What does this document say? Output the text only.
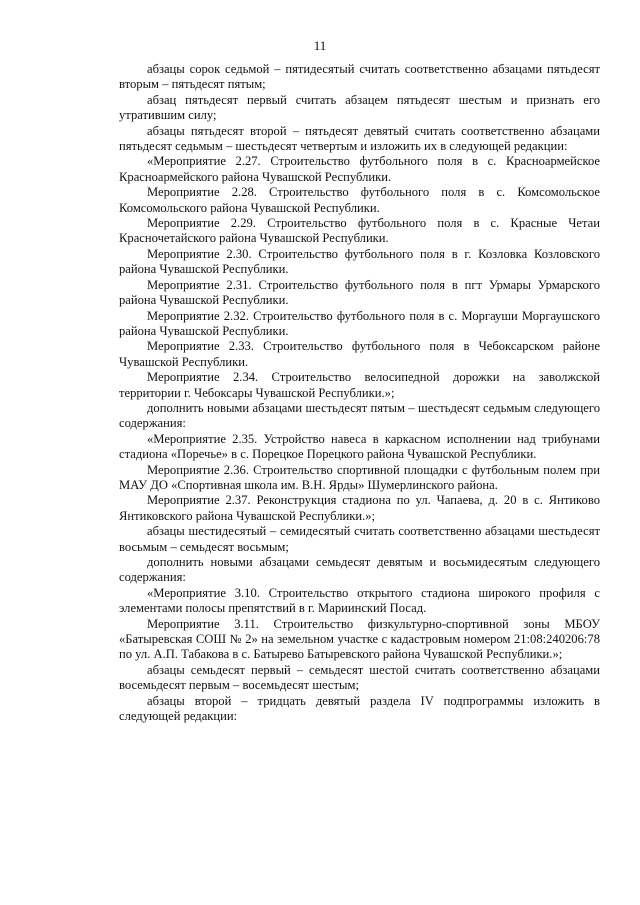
11

абзацы сорок седьмой – пятидесятый считать соответственно абзацами пятьдесят вторым – пятьдесят пятым;

абзац пятьдесят первый считать абзацем пятьдесят шестым и признать его утратившим силу;

абзацы пятьдесят второй – пятьдесят девятый считать соответственно абзацами пятьдесят седьмым – шестьдесят четвертым и изложить их в следующей редакции:

«Мероприятие 2.27. Строительство футбольного поля в с. Красноармейское Красноармейского района Чувашской Республики.

Мероприятие 2.28. Строительство футбольного поля в с. Комсомольское Комсомольского района Чувашской Республики.

Мероприятие 2.29. Строительство футбольного поля в с. Красные Четаи Красночетайского района Чувашской Республики.

Мероприятие 2.30. Строительство футбольного поля в г. Козловка Козловского района Чувашской Республики.

Мероприятие 2.31. Строительство футбольного поля в пгт Урмары Урмарского района Чувашской Республики.

Мероприятие 2.32. Строительство футбольного поля в с. Моргауши Моргаушского района Чувашской Республики.

Мероприятие 2.33. Строительство футбольного поля в Чебоксарском районе Чувашской Республики.

Мероприятие 2.34. Строительство велосипедной дорожки на заволжской территории г. Чебоксары Чувашской Республики.»;

дополнить новыми абзацами шестьдесят пятым – шестьдесят седьмым следующего содержания:

«Мероприятие 2.35. Устройство навеса в каркасном исполнении над трибунами стадиона «Поречье» в с. Порецкое Порецкого района Чувашской Республики.

Мероприятие 2.36. Строительство спортивной площадки с футбольным полем при МАУ ДО «Спортивная школа им. В.Н. Ярды» Шумерлинского района.

Мероприятие 2.37. Реконструкция стадиона по ул. Чапаева, д. 20 в с. Янтиково Янтиковского района Чувашской Республики.»;

абзацы шестидесятый – семидесятый считать соответственно абзацами шестьдесят восьмым – семьдесят восьмым;

дополнить новыми абзацами семьдесят девятым и восьмидесятым следующего содержания:

«Мероприятие 3.10. Строительство открытого стадиона широкого профиля с элементами полосы препятствий в г. Мариинский Посад.

Мероприятие 3.11. Строительство физкультурно-спортивной зоны МБОУ «Батыревская СОШ № 2» на земельном участке с кадастровым номером 21:08:240206:78 по ул. А.П. Табакова в с. Батырево Батыревского района Чувашской Республики.»;

абзацы семьдесят первый – семьдесят шестой считать соответственно абзацами восемьдесят первым – восемьдесят шестым;

абзацы второй – тридцать девятый раздела IV подпрограммы изложить в следующей редакции:
